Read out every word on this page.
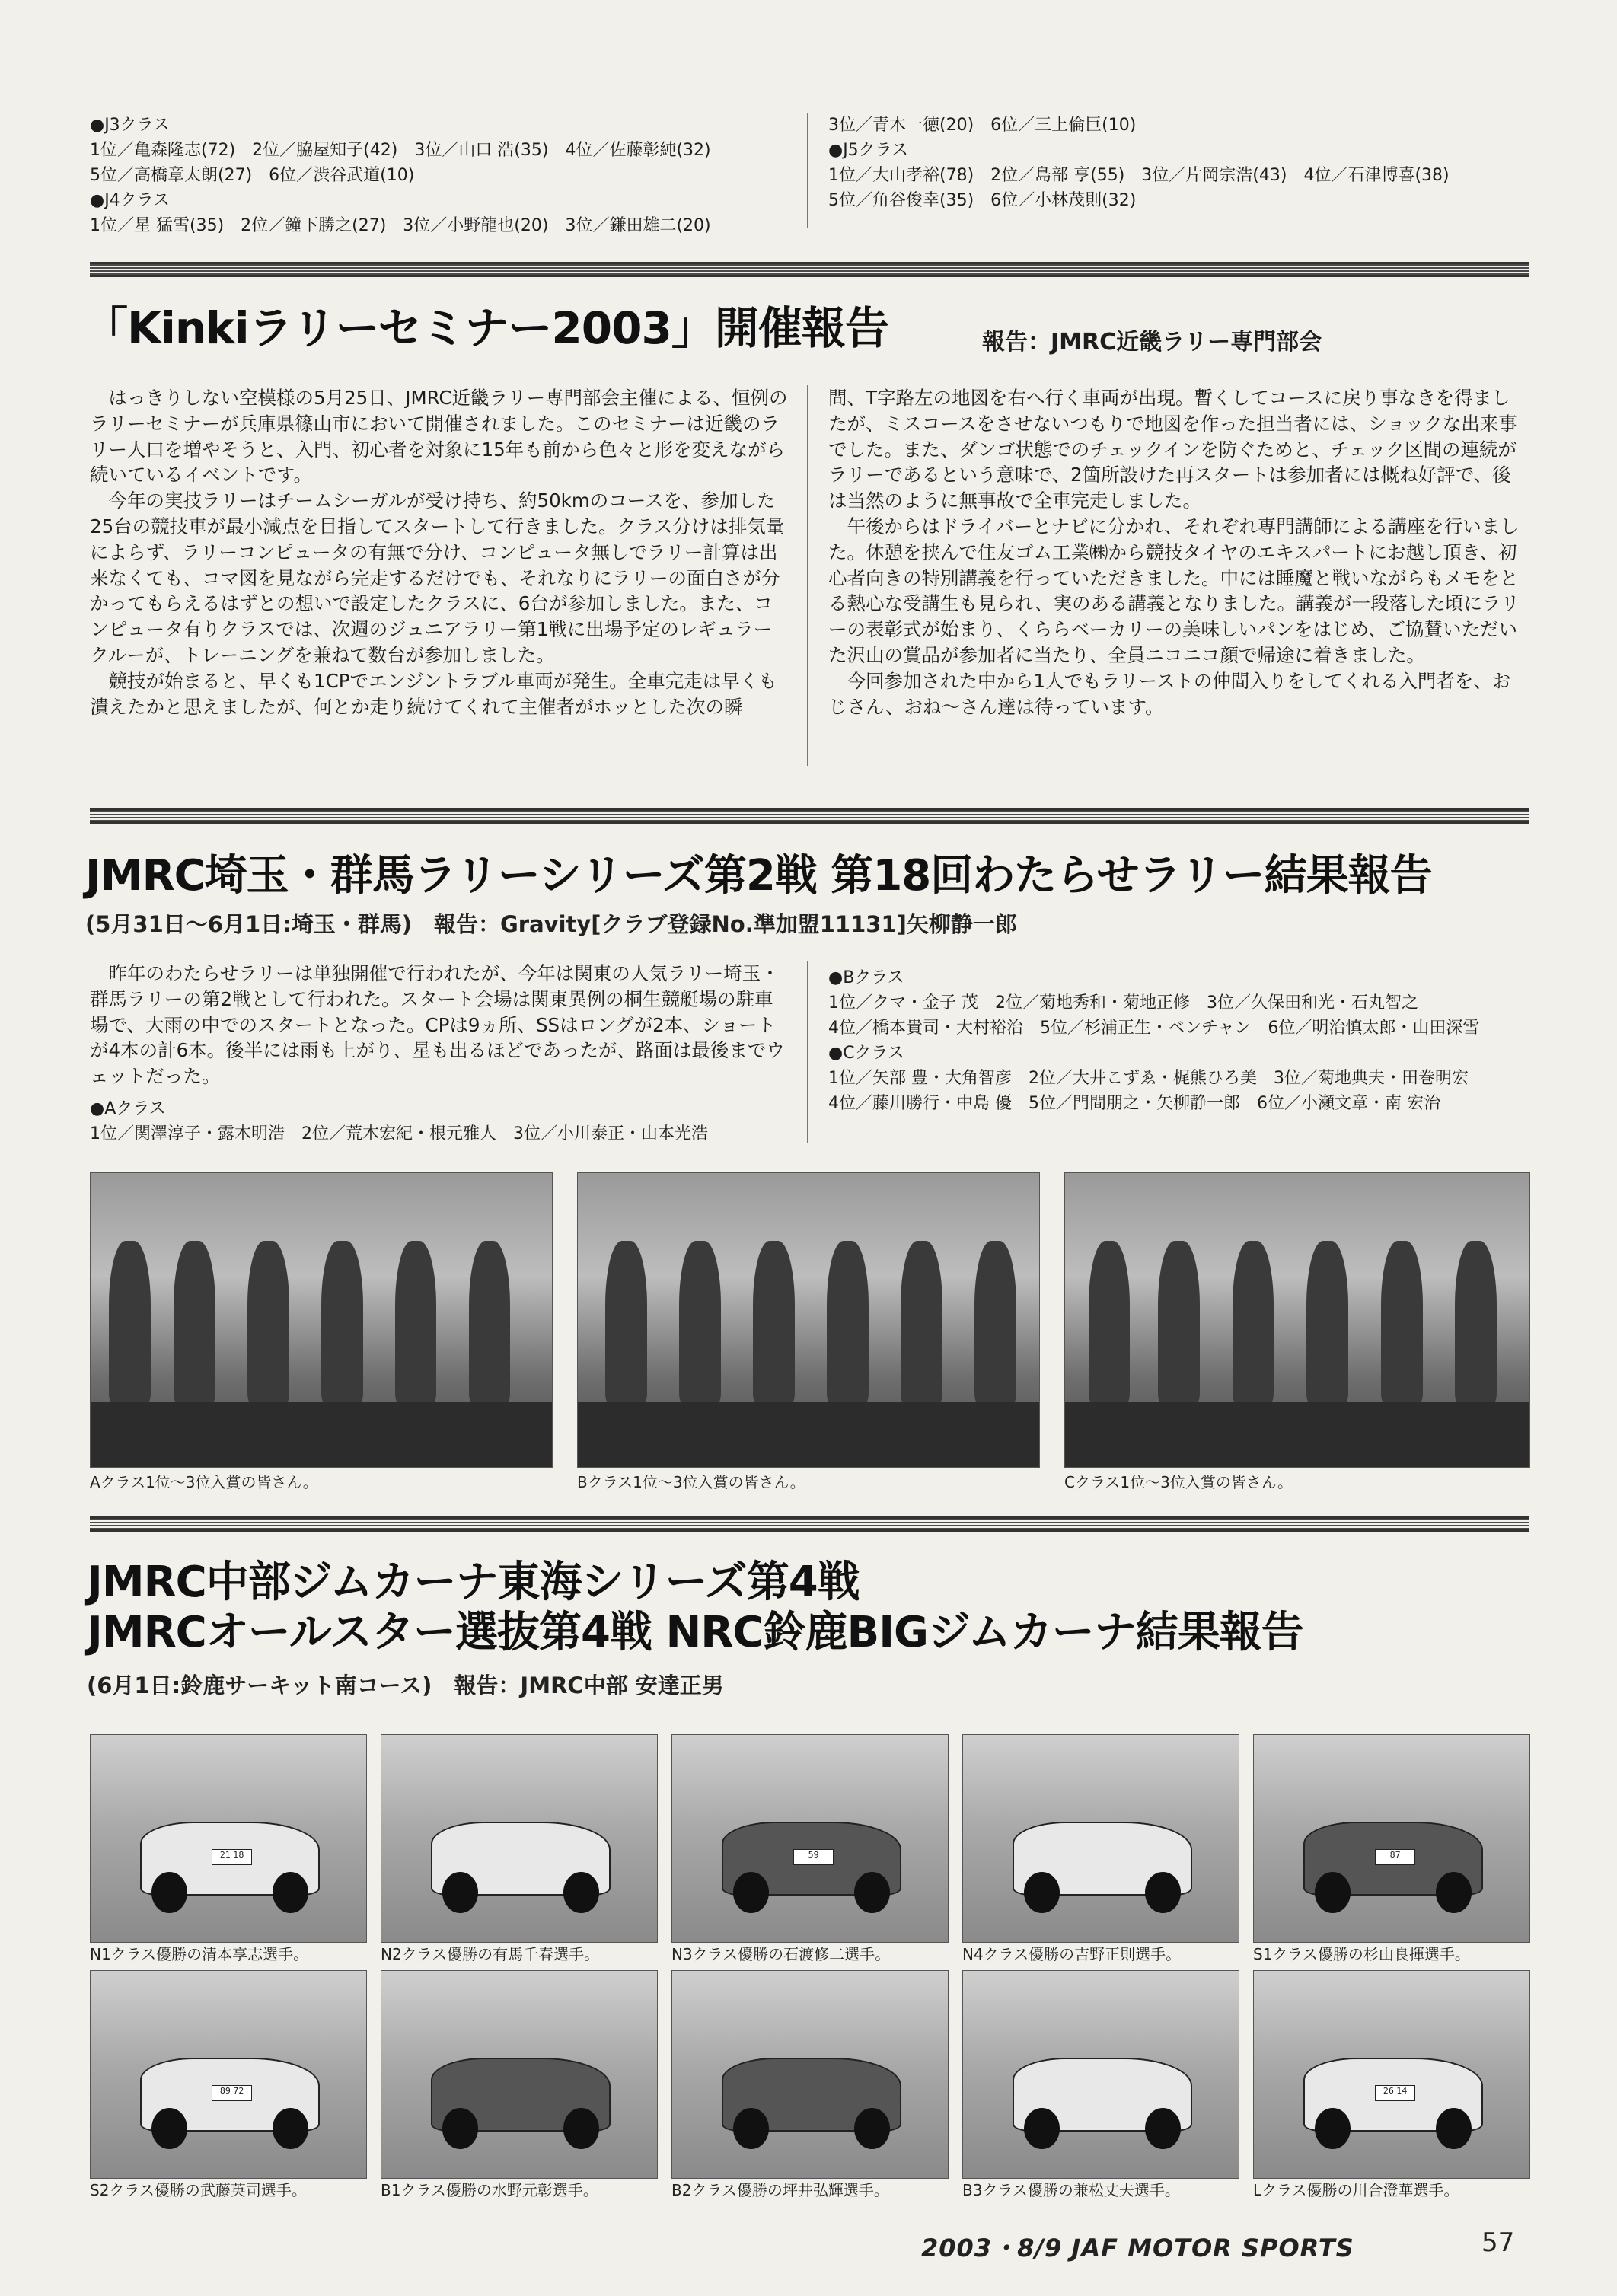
●J3クラス
1位／亀森隆志(72)　2位／脇屋知子(42)　3位／山口 浩(35)　4位／佐藤彰純(32)
5位／高橋章太朗(27)　6位／渋谷武道(10)
●J4クラス
1位／星 猛雪(35)　2位／鐘下勝之(27)　3位／小野龍也(20)　3位／鎌田雄二(20)
3位／青木一徳(20)　6位／三上倫巨(10)
●J5クラス
1位／大山孝裕(78)　2位／島部 亨(55)　3位／片岡宗浩(43)　4位／石津博喜(38)
5位／角谷俊幸(35)　6位／小林茂則(32)
「Kinkiラリーセミナー2003」開催報告	報告：JMRC近畿ラリー専門部会

はっきりしない空模様の5月25日、JMRC近畿ラリー専門部会主催による、恒例のラリーセミナーが兵庫県篠山市において開催されました。このセミナーは近畿のラリー人口を増やそうと、入門、初心者を対象に15年も前から色々と形を変えながら続いているイベントです。

今年の実技ラリーはチームシーガルが受け持ち、約50kmのコースを、参加した25台の競技車が最小減点を目指してスタートして行きました。クラス分けは排気量によらず、ラリーコンピュータの有無で分け、コンピュータ無しでラリー計算は出来なくても、コマ図を見ながら完走するだけでも、それなりにラリーの面白さが分かってもらえるはずとの想いで設定したクラスに、6台が参加しました。また、コンピュータ有りクラスでは、次週のジュニアラリー第1戦に出場予定のレギュラークルーが、トレーニングを兼ねて数台が参加しました。

競技が始まると、早くも1CPでエンジントラブル車両が発生。全車完走は早くも潰えたかと思えましたが、何とか走り続けてくれて主催者がホッとした次の瞬

間、T字路左の地図を右へ行く車両が出現。暫くしてコースに戻り事なきを得ましたが、ミスコースをさせないつもりで地図を作った担当者には、ショックな出来事でした。また、ダンゴ状態でのチェックインを防ぐためと、チェック区間の連続がラリーであるという意味で、2箇所設けた再スタートは参加者には概ね好評で、後は当然のように無事故で全車完走しました。

午後からはドライバーとナビに分かれ、それぞれ専門講師による講座を行いました。休憩を挟んで住友ゴム工業㈱から競技タイヤのエキスパートにお越し頂き、初心者向きの特別講義を行っていただきました。中には睡魔と戦いながらもメモをとる熱心な受講生も見られ、実のある講義となりました。講義が一段落した頃にラリーの表彰式が始まり、くららベーカリーの美味しいパンをはじめ、ご協賛いただいた沢山の賞品が参加者に当たり、全員ニコニコ顔で帰途に着きました。

今回参加された中から1人でもラリーストの仲間入りをしてくれる入門者を、おじさん、おね～さん達は待っています。

JMRC埼玉・群馬ラリーシリーズ第2戦 第18回わたらせラリー結果報告
(5月31日～6月1日:埼玉・群馬)　報告：Gravity[クラブ登録No.準加盟11131]矢柳静一郎

昨年のわたらせラリーは単独開催で行われたが、今年は関東の人気ラリー埼玉・群馬ラリーの第2戦として行われた。スタート会場は関東異例の桐生競艇場の駐車場で、大雨の中でのスタートとなった。CPは9ヵ所、SSはロングが2本、ショートが4本の計6本。後半には雨も上がり、星も出るほどであったが、路面は最後までウェットだった。

●Aクラス
1位／関澤淳子・露木明浩　2位／荒木宏紀・根元雅人　3位／小川泰正・山本光浩
●Bクラス
1位／クマ・金子 茂　2位／菊地秀和・菊地正修　3位／久保田和光・石丸智之
4位／橋本貴司・大村裕治　5位／杉浦正生・ベンチャン　6位／明治慎太郎・山田深雪
●Cクラス
1位／矢部 豊・大角智彦　2位／大井こずゑ・梶熊ひろ美　3位／菊地典夫・田巻明宏
4位／藤川勝行・中島 優　5位／門間朋之・矢柳静一郎　6位／小瀬文章・南 宏治
Aクラス1位～3位入賞の皆さん。	Bクラス1位～3位入賞の皆さん。	Cクラス1位～3位入賞の皆さん。
JMRC中部ジムカーナ東海シリーズ第4戦
JMRCオールスター選抜第4戦 NRC鈴鹿BIGジムカーナ結果報告
(6月1日:鈴鹿サーキット南コース)　報告：JMRC中部 安達正男
21 18
N1クラス優勝の清本享志選手。	N2クラス優勝の有馬千春選手。
59
N3クラス優勝の石渡修二選手。	N4クラス優勝の吉野正則選手。
87
S1クラス優勝の杉山良揮選手。
89 72
S2クラス優勝の武藤英司選手。	B1クラス優勝の水野元彰選手。	B2クラス優勝の坪井弘輝選手。	B3クラス優勝の兼松丈夫選手。
26 14
Lクラス優勝の川合澄華選手。
2003・8/9 JAF MOTOR SPORTS	57
